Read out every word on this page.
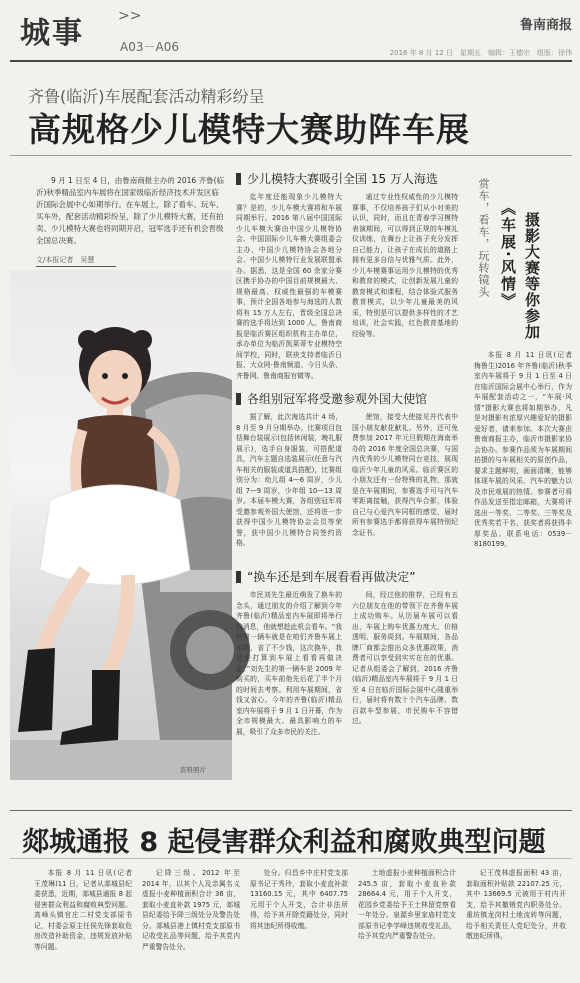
城事 >>
A03－A06
鲁南商报
2016 年 8 月 12 日　星期五　编辑：王德宗　组版：徐伟
齐鲁(临沂)车展配套活动精彩纷呈
高规格少儿模特大赛助阵车展
9 月 1 日至 4 日，由鲁南商报主办的 2016 齐鲁(临沂)秋季精品室内车展将在国家级临沂经济技术开发区临沂国际会展中心如期举行。在车展上，除了看车、玩车、买车外，配套活动精彩纷呈，除了少儿模特大赛，还有拍卖、少儿模特大赛也将同期开启，冠军选手还有机会晋级全国总决赛。
文/本报记者　吴慧
资料照片
少儿模特大赛吸引全国 15 万人海选
迄年度还能现象少儿模特大赛？是的，少儿车模大赛将和车展同期举行。2016 第八届中国国际少儿车模大赛由中国少儿模特协会、中国国际少儿车模大赛组委会主办，中国少儿模特协会各地分会、中国少儿模特行业发展联盟承办。据悉，这是全国 60 余家分赛区携手协办的中国目前规模最大、规格最高、权威性最强的车模赛事，预计全国各地参与海选的人数将有 15 万人左右，晋级全国总决赛的选手将达到 1000 人。鲁南商报是临沂赛区组织机构主办单位，承办单位为临沂凯莱蒂专业模特空间学校，同时，联袂支持者临沂日报、大众网·鲁南频道、今日头条、齐鲁网、鲁南商报官微等。
通过专业性权威性的少儿模特赛事，不仅培养孩子们从小对美的认识，同时，而且在青春学习模特表演期间，可以得到正规的车模礼仪训练，在舞台上让孩子充分发挥自己能力，让孩子在成长的道路上拥有更多自信与优雅气质。此外，少儿车模赛事运用少儿模特的优秀和教育的模式，让创新发展儿童的教育模式和课程，结合体验式服务教育模式，以少年儿童最美的风采，特别是可以提供多样性的才艺培训，社会实践，红色教育基地的经验等。
各组别冠军将受邀参观外国大使馆
据了解，此次海选共计 4 场，8 月至 9 月分期举办。比赛项目包括舞台装展示(包括休闲装，晚礼服展示)，选手自身服装，可搭配道具，汽车主题自选装展示(任意与汽车相关的服装或道具搭配)，比赛组别分为：幼儿组 4—6 周岁，少儿组 7—9 周岁，少年组 10—13 周岁。本届车模大赛，各组别冠军将受邀参观外国大使馆，还将进一步获得中国少儿模特协会会员等荣誉，获中国少儿模特合同签约资格。
使馆，接受大使接见并代表中国小朋友献花献礼。另外，还可免费参加 2017 年元旦假期在海南举办的 2016 年度全国总决赛，与国内优秀的少儿模特同台竞技，展现临沂少年儿童的风采。临沂赛区的小朋友还有一份特殊的礼物，那就是在车展期间，参赛选手可与汽车零距离接触，获得汽车合影，体验自己与心爱汽车同框的感觉，届时所有参赛选手都将获得车展特别纪念证书。
“换车还是到车展看看再做决定”
市民刘先生最近萌发了换车的念头，通过朋友的介绍了解到今年齐鲁(临沂)精品室内车展即将举行的消息，他就想趁此机会看车。“我的第一辆车就是在咱们齐鲁车展上买的，省了不少钱，这次换车，我还是打算到车展上看看再做决定。”刘先生的第一辆车是 2009 年购买的，买车前他先后花了半个月的时间去考察。利用车展期间，省钱又省心。今年的齐鲁(临沂)精品室内车展将于 9 月 1 日开幕，作为全市规模最大、最具影响力的车展，吸引了众多市民的关注。
间，经过他的推荐，已经有五六位朋友在他的带领下在齐鲁车展上成功购车。从历届车展可以看出，车展上购车优惠力度大，价格透明、服务周到。车展期间，各品牌厂商都会推出众多优惠政策，消费者可以享受到实实在在的优惠。记者从组委会了解到，2016 齐鲁(临沂)精品室内车展将于 9 月 1 日至 4 日在临沂国际会展中心隆重举行，届时将有数十个汽车品牌、数百款车型参展，市民购车不容错过。
赏车，看车，玩转镜头 《车展·风情》 摄影大赛等你参加
本报 8 月 11 日讯(记者　梅鲁生)2016 年齐鲁(临沂)秋季室内车展将于 9 月 1 日至 4 日在临沂国际会展中心举行，作为车展配套活动之一，“车展·风情”摄影大赛也将如期举办，凡是对摄影有浓厚兴趣爱好的摄影爱好者，请来参加。本次大赛由鲁南商报主办，临沂市摄影家协会协办。参赛作品须为车展期间拍摄的与车展相关的原创作品，要求主题鲜明，画面清晰，能够体现车展的风采、汽车的魅力以及市民观展的热情。参赛者可将作品发送至指定邮箱，大赛将评选出一等奖、二等奖、三等奖及优秀奖若干名，获奖者将获得丰厚奖品。联系电话：0539－8180199。
郯城通报 8 起侵害群众利益和腐败典型问题
本报 8 月 11 日讯(记者　王茂琳)11 日，记者从郯城县纪委获悉，近期，郯城县通报 8 起侵害群众利益和腐败典型问题。高峰头镇官庄二村党支部原书记，村委会原主任侯先锋套取危房改造补助资金，违规发放补贴等问题。
记降三级。2012 年至 2014 年，以其个人及亲属名义虚报小麦种植面积合计 36 亩，套取小麦直补款 1975 元，郯城县纪委给予降三级处分及警告处分。郯城县港上镇村党支部原书记收受礼品等问题，给予其党内严重警告处分。
处分。归昌乡中庄村党支部原书记于秀玲，套取小麦直补款 13160.15 元，其中 6407.75 元用于个人开支，合计非法所得，给予其开除党籍处分，同时将其违纪所得收缴。
土地虚报小麦种植面积合计 245.5 亩，套取小麦直补款 28664.4 元，用于个人开支，花园乡党委给予王士林留党察看一年处分。泉源乡里家庙村党支部原书记李学峰违规收受礼品，给予其党内严重警告处分。
记王茂林虚报面积 43 亩，套取面积补贴款 22107.25 元，其中 13669.5 元被用于村内开支，给予其撤销党内职务处分。重坊镇龙岗村土地流转等问题，给予相关责任人党纪处分，并收缴违纪所得。
